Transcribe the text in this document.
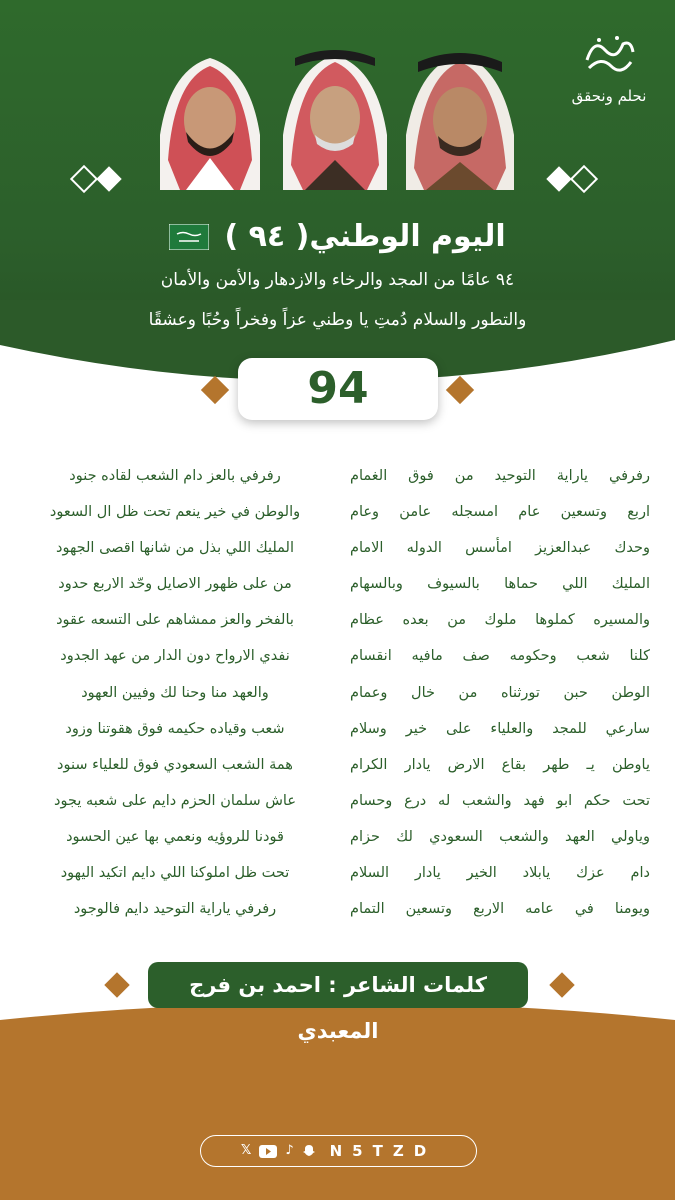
نحلم ونحقق
اليوم الوطني( ٩٤ )
٩٤ عامًا من المجد والرخاء والازدهار والأمن والأمان
والتطور والسلام دُمتِ يا وطني عزاً وفخراً وحُبًا وعشقًا
94
رفرفي ياراية التوحيد من فوق الغمام
اربع وتسعين عام امسجله عامن وعام
وحدك عبدالعزيز امأسس الدوله الامام
المليك اللي حماها بالسيوف وبالسهام
والمسيره كملوها ملوك من بعده عظام
كلنا شعب وحكومه صف مافيه انقسام
الوطن حبن تورثناه من خال وعمام
سارعي للمجد والعلياء على خير وسلام
ياوطن يـ طهر بقاع الارض يادار الكرام
تحت حكم ابو فهد والشعب له درع وحسام
وياولي العهد والشعب السعودي لك حزام
دام عزك يابلاد الخير يادار السلام
ويومنا في عامه الاربع وتسعين التمام
رفرفي بالعز دام الشعب لقاده جنود
والوطن في خير ينعم تحت ظل ال السعود
المليك اللي بذل من شانها اقصى الجهود
من على ظهور الاصايل وحّد الاربع حدود
بالفخر والعز ممشاهم على التسعه عقود
نفدي الارواح دون الدار من عهد الجدود
والعهد منا وحنا لك وفيين العهود
شعب وقياده حكيمه فوق هقوتنا وزود
همة الشعب السعودي فوق للعلياء سنود
عاش سلمان الحزم دايم على شعبه يجود
قودنا للروؤيه ونعمي بها عين الحسود
تحت ظل املوكنا اللي دايم اتكيد اليهود
رفرفي ياراية التوحيد دايم فالوجود
كلمات الشاعر : احمد بن فرج المعبدي
𝕏	♪ N5TZD
